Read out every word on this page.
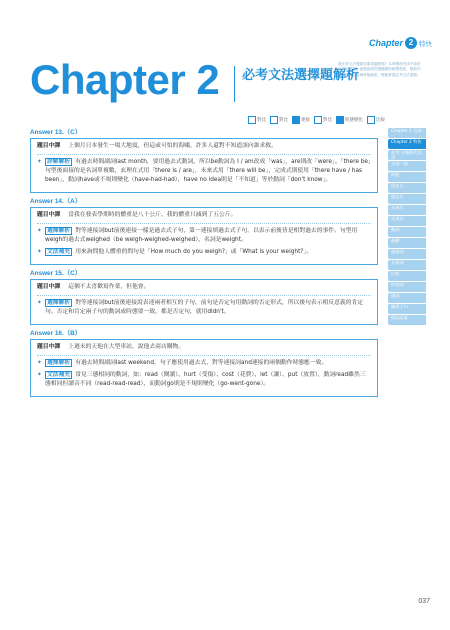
Chapter 2 特快
Chapter 2 必考文法選擇題解析
還在被文法題搞得頭昏腦脹嗎？本章整理考試中最常出現的題型，逐題說明答題關鍵與解題思路，幫助你快速抓出句意與時態線索，輕鬆掌握必考文法重點。
對比	對比	連接	對比	時態變化	比較
Answer 13.（C）
題目中譯 上個月日本發生一場大地震，但這或可怕的海嘯，許多人還對不知道該向誰求救。
✦ 詳解解析 有過去時間副詞last month，要用過去式動詞，所以be動詞為 I / am改成「was」，are則改「were」。「there be」句型後面接的是名詞單複數，玄理在式用「there is / are」，未來式用「there will be」，完成式則使用「there have / has been」，動詞have或不規則變化（have-had-had），have no idea則是「不知道」等於動詞「don't know」。
Answer 14.（A）
題目中譯 當我在發表學期時的體重是八十公斤，我的體重只減到了五公斤。
✦ 選擇解析 對等連接詞but前後連接一樣是過去式子句，第一連接填過去式子句，以表示前後皆是相對過去的事件。句型用weigh的過去式weighed（be weigh-weighed-weighed），名詞是weight。
✦ 文法補充 用來詢問他人體重的問句是「How much do you weigh?」或「What is your weight?」。
Answer 15.（C）
題目中譯 這個不太喜歡寫作業，但他會。
✦ 選擇解析 對等連接詞but前後連接說表達兩者相互的子句，前句是否定句用動詞的否定形式，所以後句表示相反意義的肯定句。否定和肯定兩子句的動詞或時態要一致，都是否定句，就用didn't。
Answer 16.（B）
題目中譯 上週末的天他在大型車站，說他去商店購物。
✦ 選擇解析 有過去時間副詞last weekend，句子應使用過去式，對等連接詞and連接的兩個動作時態應一致。
✦ 文法補充 常見三態相同的動詞，如：read（閱讀）、hurt（受傷）、cost（花費）、let（讓）、put（放置），動詞read雖然三態相同但讀音不同（read-read-read），而動詞go則是不規則變化（go-went-gone）。
Chapter 1 名詞
Chapter 2 特快
必考 分類與代名詞
主詞一致
時態
現在式
過去式
未來式
完成式
動詞
被動
連接詞
介係詞
比較
形容詞
副詞
關係子句
假設語氣
037
